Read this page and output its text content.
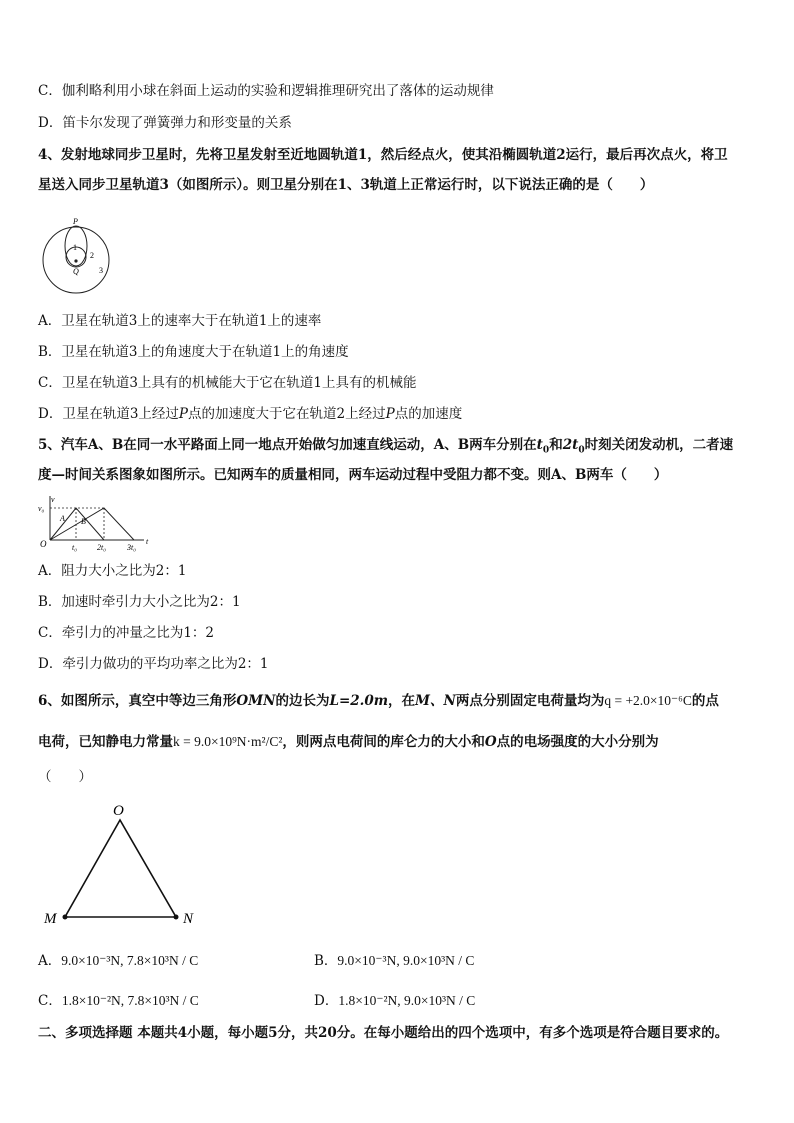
C．伽利略利用小球在斜面上运动的实验和逻辑推理研究出了落体的运动规律
D．笛卡尔发现了弹簧弹力和形变量的关系
4、发射地球同步卫星时，先将卫星发射至近地圆轨道1，然后经点火，使其沿椭圆轨道2运行，最后再次点火，将卫
星送入同步卫星轨道3（如图所示）。则卫星分别在1、3轨道上正常运行时，以下说法正确的是（　　）
P
1
2
3
Q
A．卫星在轨道3上的速率大于在轨道1上的速率
B．卫星在轨道3上的角速度大于在轨道1上的角速度
C．卫星在轨道3上具有的机械能大于它在轨道1上具有的机械能
D．卫星在轨道3上经过P点的加速度大于它在轨道2上经过P点的加速度
5、汽车A、B在同一水平路面上同一地点开始做匀加速直线运动，A、B两车分别在$t_0$和$2t_0$时刻关闭发动机，二者速
度—时间关系图象如图所示。已知两车的质量相同，两车运动过程中受阻力都不变。则A、B两车（　　）
v
v₀
A B
O	t₀ 2t₀	3t₀
t
A．阻力大小之比为2：1
B．加速时牵引力大小之比为2：1
C．牵引力的冲量之比为1：2
D．牵引力做功的平均功率之比为2：1
6、如图所示，真空中等边三角形OMN的边长为L=2.0m，在M、N两点分别固定电荷量均为q = +2.0×10⁻⁶C的点
电荷，已知静电力常量k = 9.0×10⁹N·m²/C²，则两点电荷间的库仑力的大小和O点的电场强度的大小分别为
（　　）
O
M	N
A．9.0×10⁻³N, 7.8×10³N / C	B．9.0×10⁻³N, 9.0×10³N / C
C．1.8×10⁻²N, 7.8×10³N / C	D．1.8×10⁻²N, 9.0×10³N / C
二、多项选择题 本题共4小题，每小题5分，共20分。在每小题给出的四个选项中，有多个选项是符合题目要求的。
